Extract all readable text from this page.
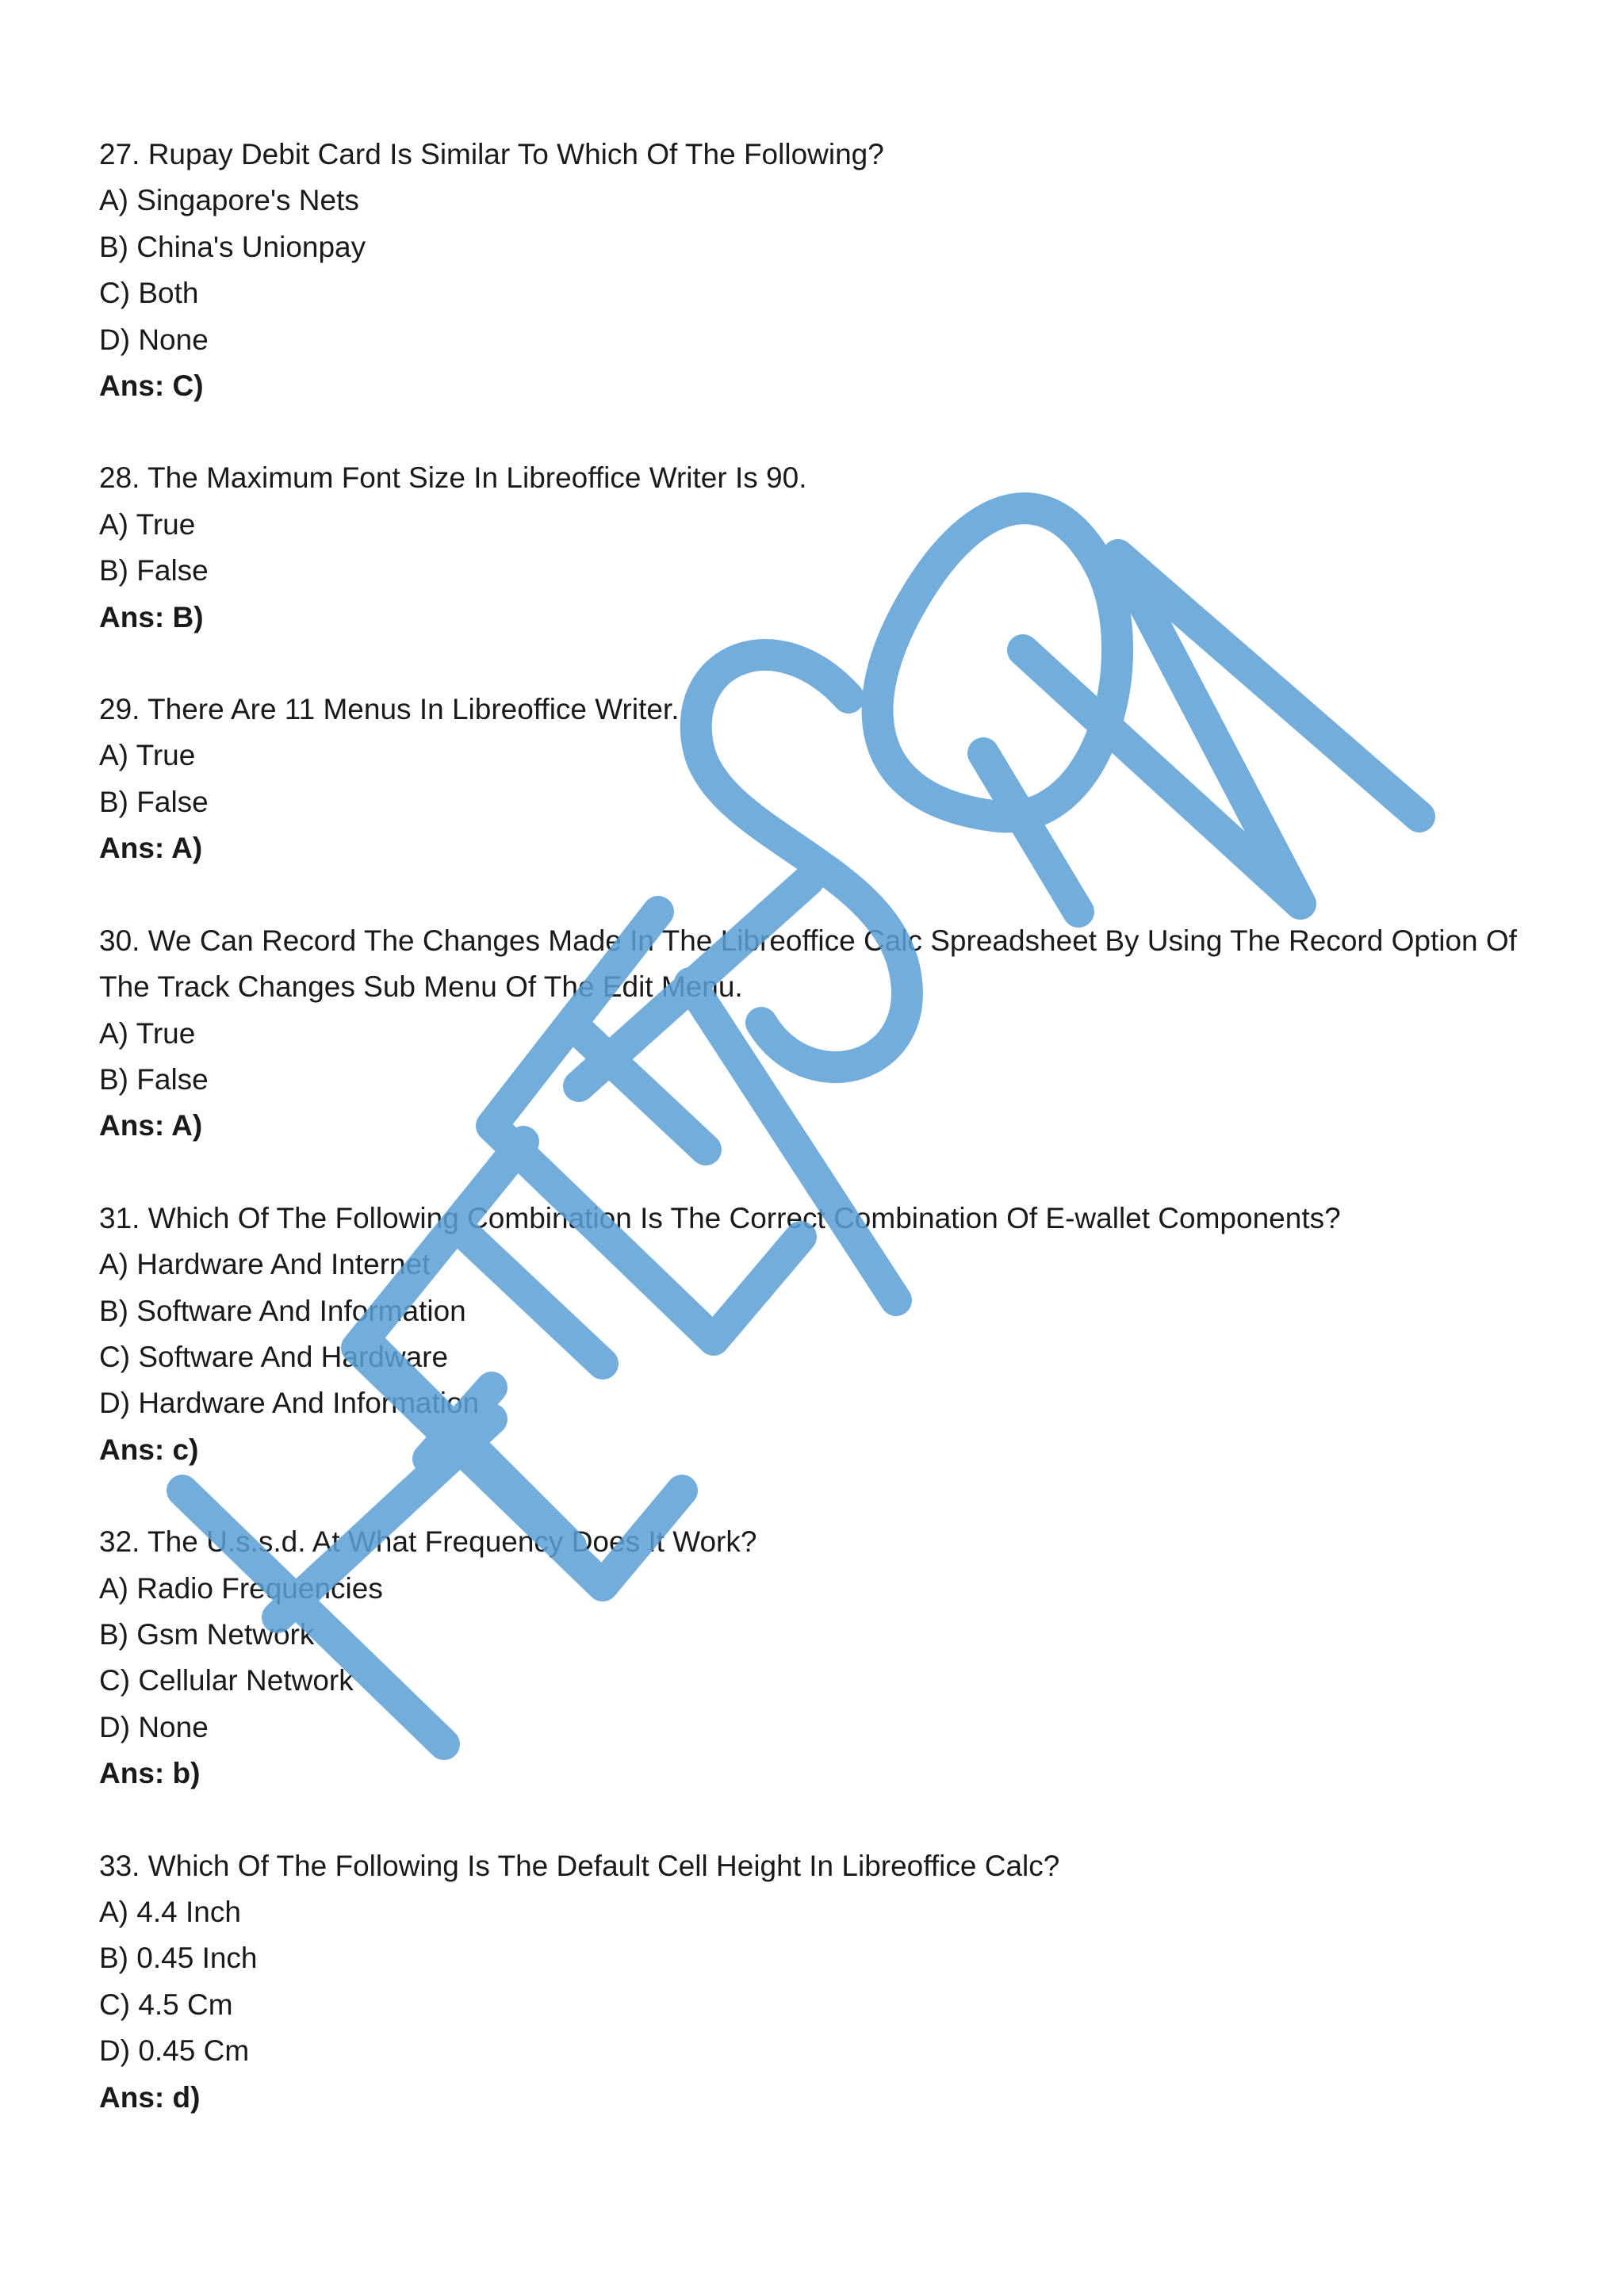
27. Rupay Debit Card Is Similar To Which Of The Following?
A) Singapore's Nets
B) China's Unionpay
C) Both
D) None
Ans: C)
28. The Maximum Font Size In Libreoffice Writer Is 90.
A) True
B) False
Ans: B)
29. There Are 11 Menus In Libreoffice Writer.
A) True
B) False
Ans: A)
30. We Can Record The Changes Made In The Libreoffice Calc Spreadsheet By Using The Record Option Of The Track Changes Sub Menu Of The Edit Menu.
A) True
B) False
Ans: A)
31. Which Of The Following Combination Is The Correct Combination Of E-wallet Components?
A) Hardware And Internet
B) Software And Information
C) Software And Hardware
D) Hardware And Information
Ans: c)
32. The U.s.s.d. At What Frequency Does It Work?
A) Radio Frequencies
B) Gsm Network
C) Cellular Network
D) None
Ans: b)
33. Which Of The Following Is The Default Cell Height In Libreoffice Calc?
A) 4.4 Inch
B) 0.45 Inch
C) 4.5 Cm
D) 0.45 Cm
Ans: d)
